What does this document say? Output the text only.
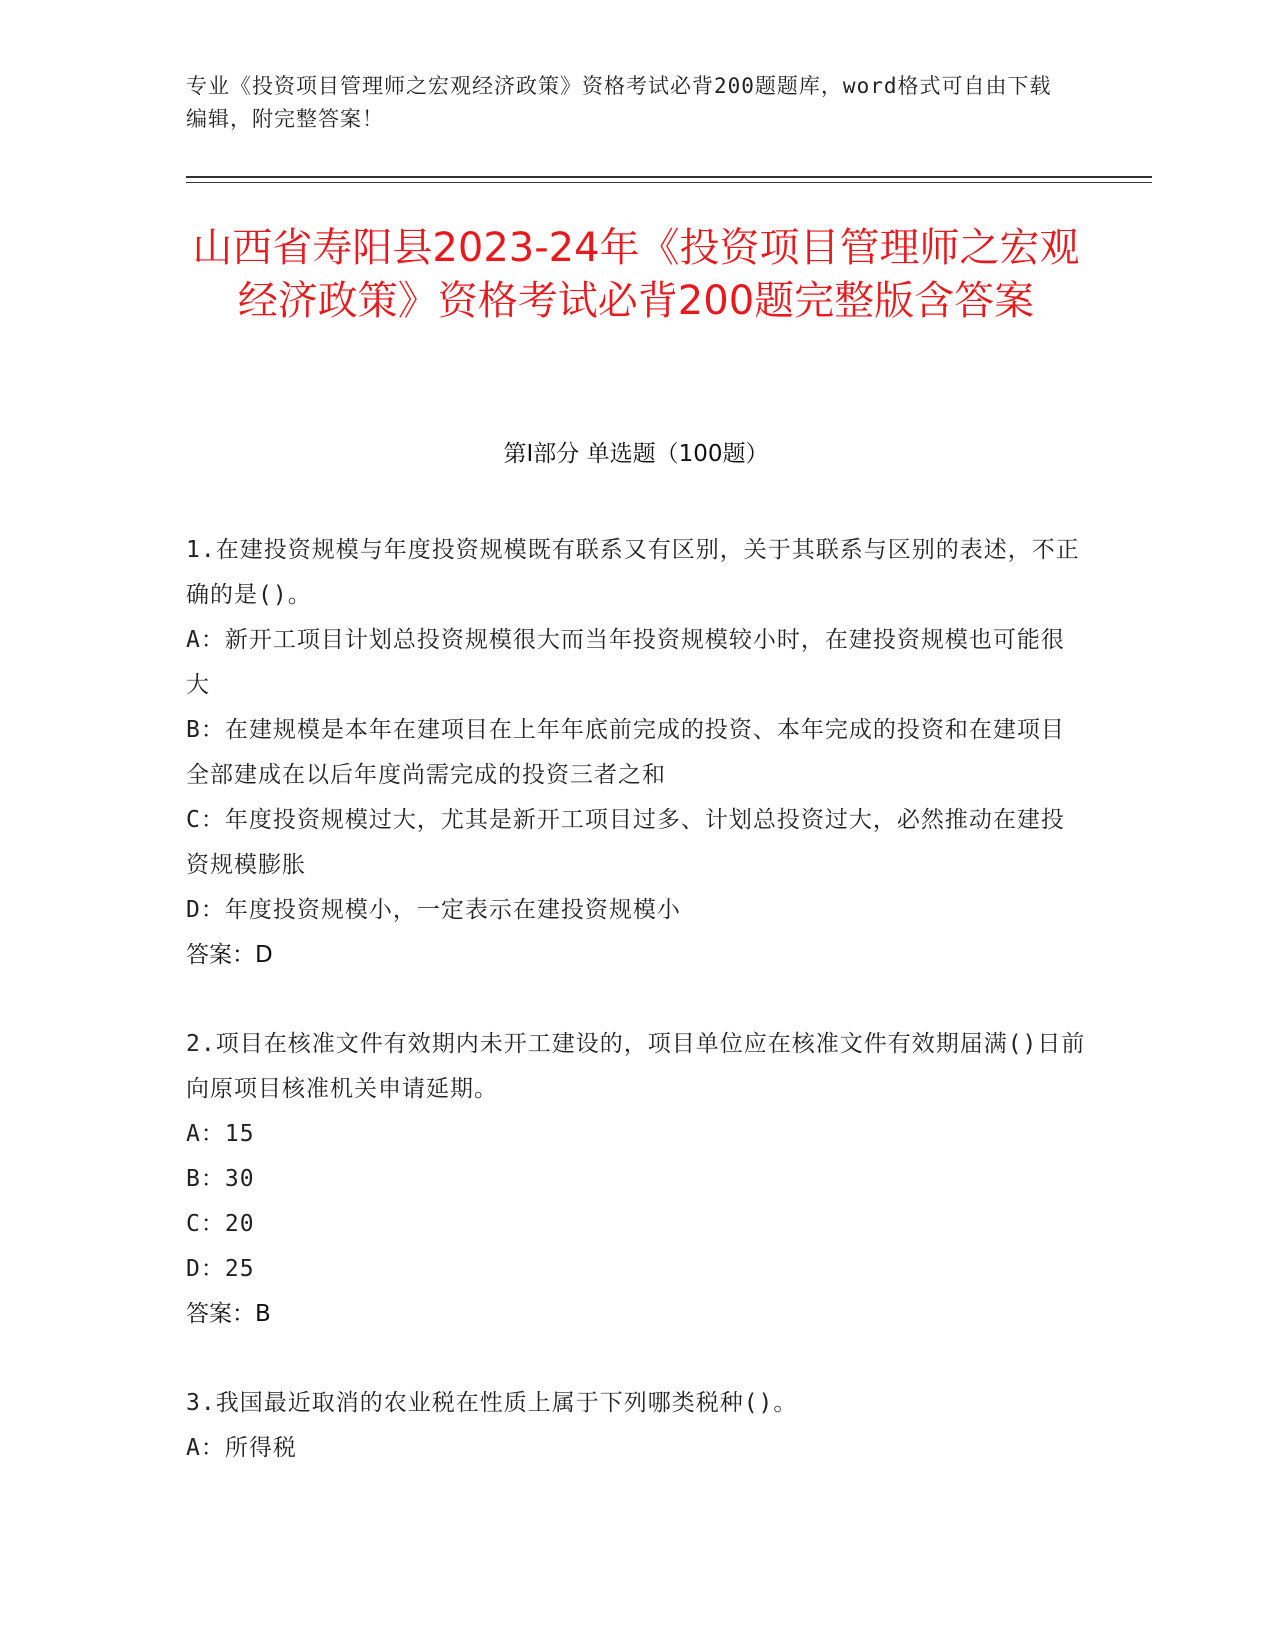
专业《投资项目管理师之宏观经济政策》资格考试必背200题题库，word格式可自由下载编辑，附完整答案！
山西省寿阳县2023-24年《投资项目管理师之宏观经济政策》资格考试必背200题完整版含答案
第I部分 单选题（100题）
1.在建投资规模与年度投资规模既有联系又有区别，关于其联系与区别的表述，不正确的是()。
A：新开工项目计划总投资规模很大而当年投资规模较小时，在建投资规模也可能很大
B：在建规模是本年在建项目在上年年底前完成的投资、本年完成的投资和在建项目全部建成在以后年度尚需完成的投资三者之和
C：年度投资规模过大，尤其是新开工项目过多、计划总投资过大，必然推动在建投资规模膨胀
D：年度投资规模小，一定表示在建投资规模小
答案：D
2.项目在核准文件有效期内未开工建设的，项目单位应在核准文件有效期届满()日前向原项目核准机关申请延期。
A：15
B：30
C：20
D：25
答案：B
3.我国最近取消的农业税在性质上属于下列哪类税种()。
A：所得税
